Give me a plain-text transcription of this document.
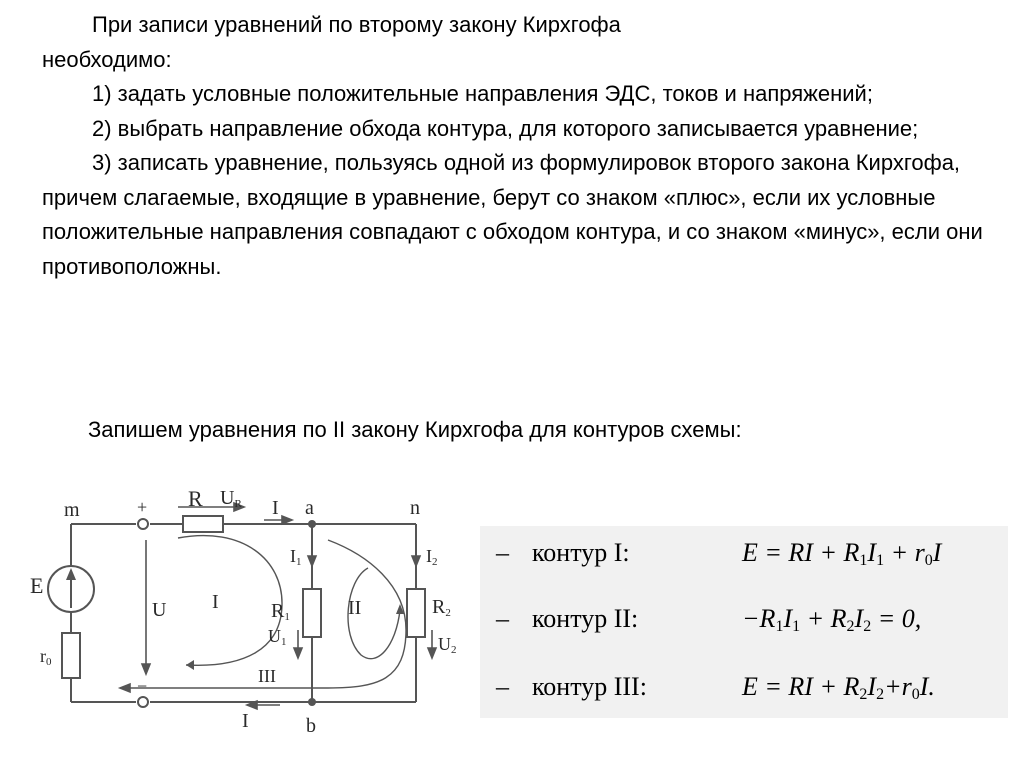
При записи уравнений по второму закону Кирхгофа

необходимо:

1) задать условные положительные направления ЭДС, токов и напряжений;

2) выбрать направление обхода контура, для которого записывается уравнение;

3) записать уравнение, пользуясь одной из формулировок второго закона Кирхгофа, причем слагаемые, входящие в уравнение, берут со знаком «плюс», если их условные положительные направления совпадают с обходом контура, и со знаком «минус», если они противоположны.

Запишем уравнения по II закону Кирхгофа для контуров схемы:
m	a	n
b
+
−
R UR I
E
r0
U I
I1
R1
U1
II
I2
R2
U2
III
I
– контур I:	E = RI + $R_1I_1 + r_0I$
– контур II:	$-R_1I_1 + R_2I_2 = 0$,
– контур III:	E = RI + $R_2I_2+r_0I$.
